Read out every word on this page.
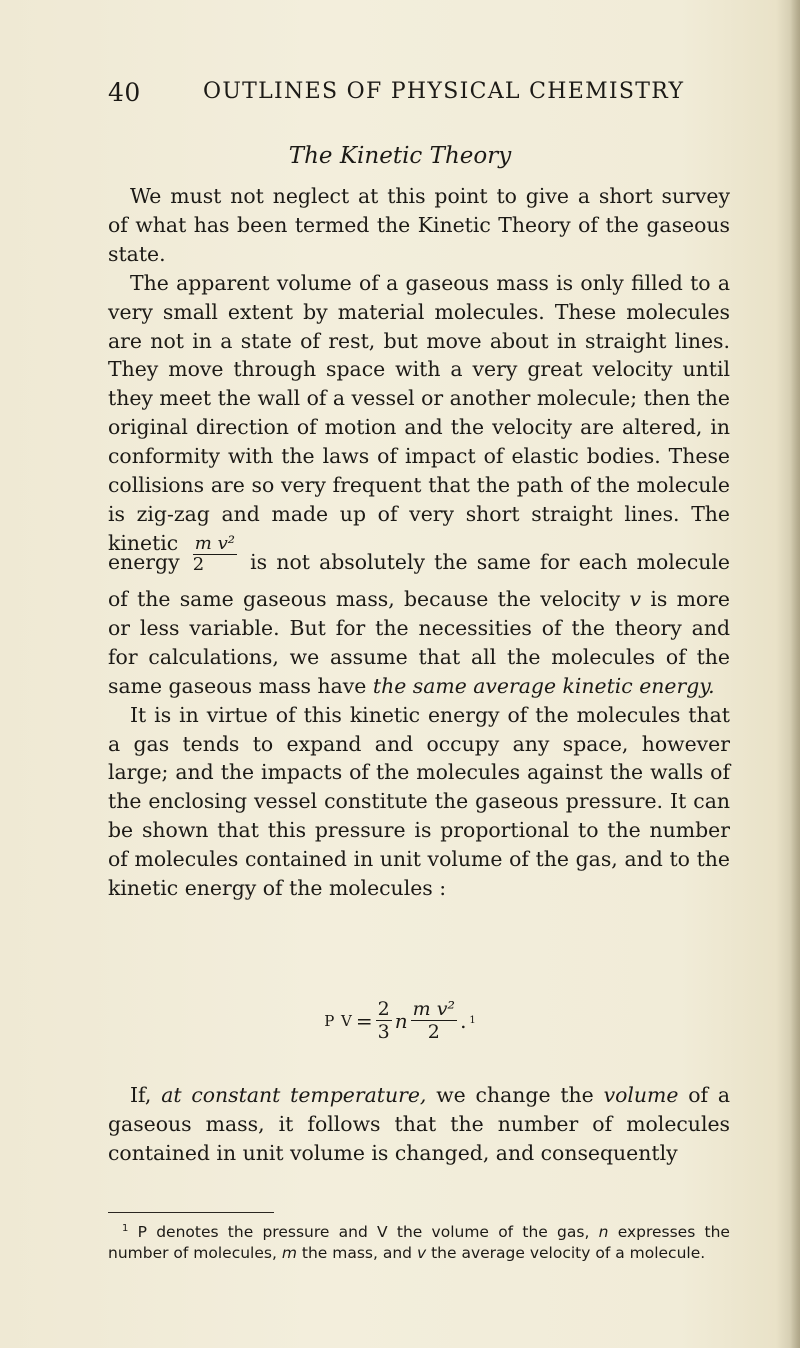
40	OUTLINES OF PHYSICAL CHEMISTRY
The Kinetic Theory

We must not neglect at this point to give a short survey of what has been termed the Kinetic Theory of the gaseous state.

The apparent volume of a gaseous mass is only filled to a very small extent by material molecules. These molecules are not in a state of rest, but move about in straight lines. They move through space with a very great velocity until they meet the wall of a vessel or another molecule; then the original direction of motion and the velocity are altered, in conformity with the laws of impact of elastic bodies. These collisions are so very frequent that the path of the molecule is zig-zag and made up of very short straight lines. The kinetic

energy $\frac{\text{m v²}}{2}$ is not absolutely the same for each molecule

of the same gaseous mass, because the velocity v is more or less variable. But for the necessities of the theory and for calculations, we assume that all the molecules of the same gaseous mass have the same average kinetic energy.

It is in virtue of this kinetic energy of the molecules that a gas tends to expand and occupy any space, however large; and the impacts of the molecules against the walls of the enclosing vessel constitute the gaseous pressure. It can be shown that this pressure is proportional to the number of molecules contained in unit volume of the gas, and to the kinetic energy of the molecules :

P $V = \frac{2}{3}$ n $\frac{\text{m v²}}{2}$ . 1

If, at constant temperature, we change the volume of a gaseous mass, it follows that the number of molecules contained in unit volume is changed, and consequently

$^1$ P denotes the pressure and V the volume of the gas, n expresses the number of molecules, m the mass, and v the average velocity of a molecule.
